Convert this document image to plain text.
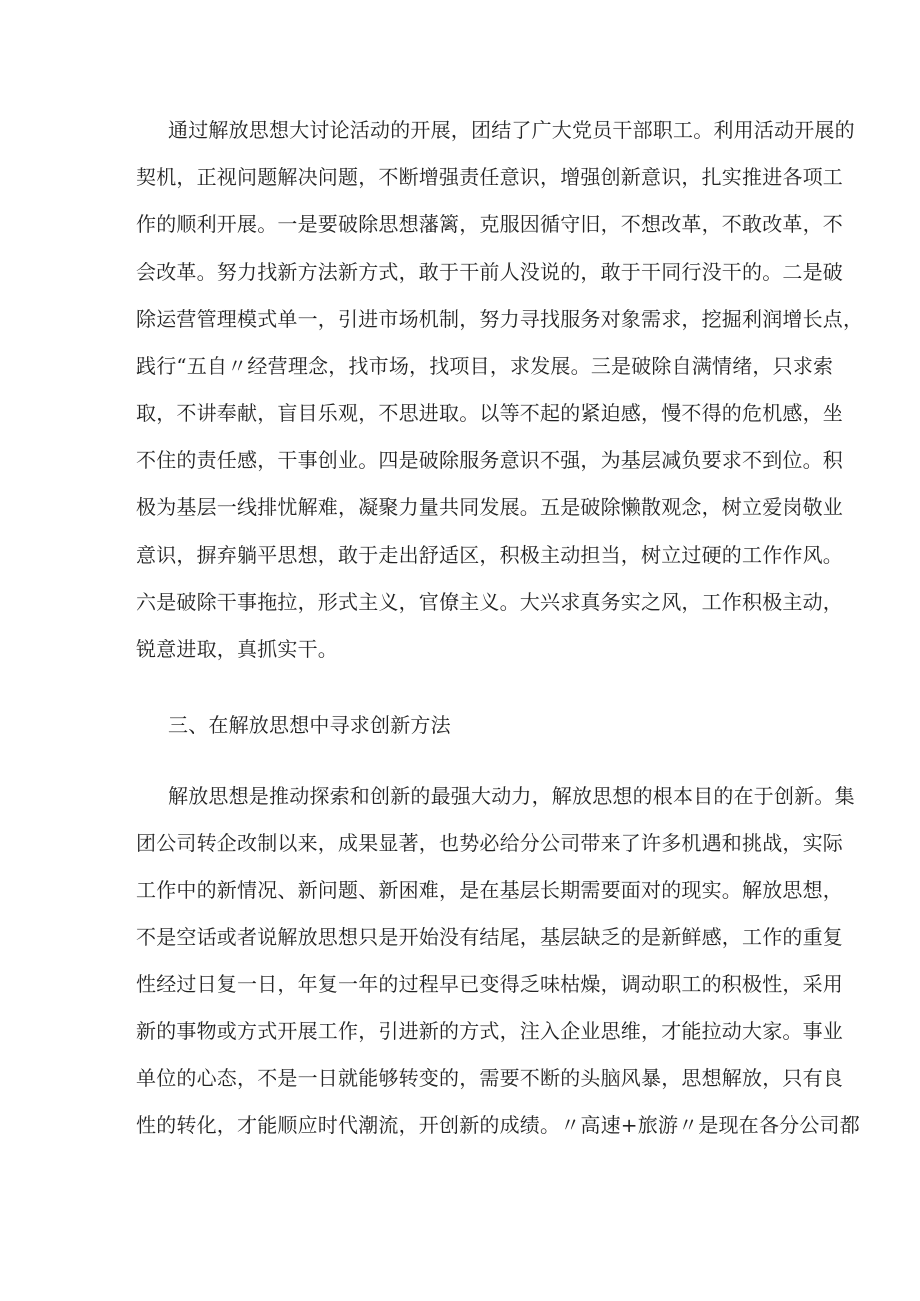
通过解放思想大讨论活动的开展，团结了广大党员干部职工。利用活动开展的
契机，正视问题解决问题，不断增强责任意识，增强创新意识，扎实推进各项工
作的顺利开展。一是要破除思想藩篱，克服因循守旧，不想改革，不敢改革，不
会改革。努力找新方法新方式，敢于干前人没说的，敢于干同行没干的。二是破
除运营管理模式单一，引进市场机制，努力寻找服务对象需求，挖掘利润增长点，
践行“五自〃经营理念，找市场，找项目，求发展。三是破除自满情绪，只求索
取，不讲奉献，盲目乐观，不思进取。以等不起的紧迫感，慢不得的危机感，坐
不住的责任感，干事创业。四是破除服务意识不强，为基层减负要求不到位。积
极为基层一线排忧解难，凝聚力量共同发展。五是破除懒散观念，树立爱岗敬业
意识，摒弃躺平思想，敢于走出舒适区，积极主动担当，树立过硬的工作作风。
六是破除干事拖拉，形式主义，官僚主义。大兴求真务实之风，工作积极主动，
锐意进取，真抓实干。
三、在解放思想中寻求创新方法
解放思想是推动探索和创新的最强大动力，解放思想的根本目的在于创新。集
团公司转企改制以来，成果显著，也势必给分公司带来了许多机遇和挑战，实际
工作中的新情况、新问题、新困难，是在基层长期需要面对的现实。解放思想，
不是空话或者说解放思想只是开始没有结尾，基层缺乏的是新鲜感，工作的重复
性经过日复一日，年复一年的过程早已变得乏味枯燥，调动职工的积极性，采用
新的事物或方式开展工作，引进新的方式，注入企业思维，才能拉动大家。事业
单位的心态，不是一日就能够转变的，需要不断的头脑风暴，思想解放，只有良
性的转化，才能顺应时代潮流，开创新的成绩。〃高速+旅游〃是现在各分公司都
